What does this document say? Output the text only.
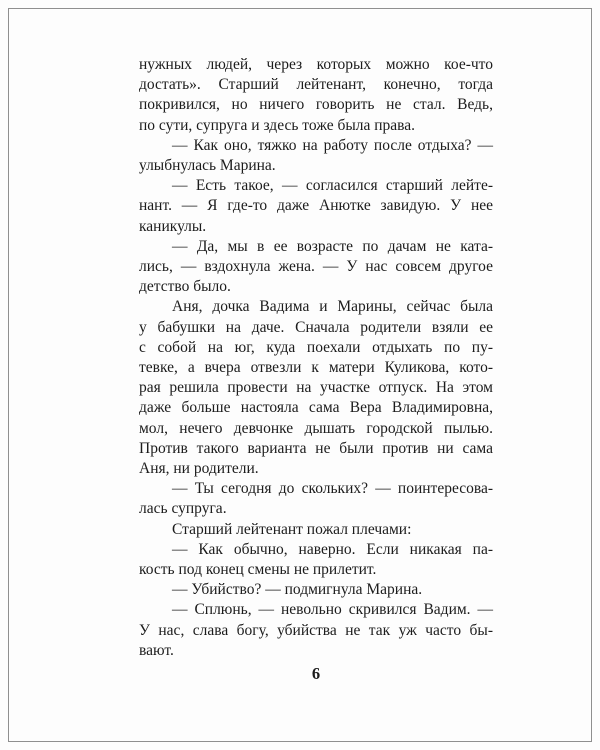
нужных людей, через которых можно кое-что
достать». Старший лейтенант, конечно, тогда
покривился, но ничего говорить не стал. Ведь,
по сути, супруга и здесь тоже была права.
— Как оно, тяжко на работу после отдыха? —
улыбнулась Марина.
— Есть такое, — согласился старший лейте-
нант. — Я где-то даже Анютке завидую. У нее
каникулы.
— Да, мы в ее возрасте по дачам не ката-
лись, — вздохнула жена. — У нас совсем другое
детство было.
Аня, дочка Вадима и Марины, сейчас была
у бабушки на даче. Сначала родители взяли ее
с собой на юг, куда поехали отдыхать по пу-
тевке, а вчера отвезли к матери Куликова, кото-
рая решила провести на участке отпуск. На этом
даже больше настояла сама Вера Владимировна,
мол, нечего девчонке дышать городской пылью.
Против такого варианта не были против ни сама
Аня, ни родители.
— Ты сегодня до скольких? — поинтересова-
лась супруга.
Старший лейтенант пожал плечами:
— Как обычно, наверно. Если никакая па-
кость под конец смены не прилетит.
— Убийство? — подмигнула Марина.
— Сплюнь, — невольно скривился Вадим. —
У нас, слава богу, убийства не так уж часто бы-
вают.
6
